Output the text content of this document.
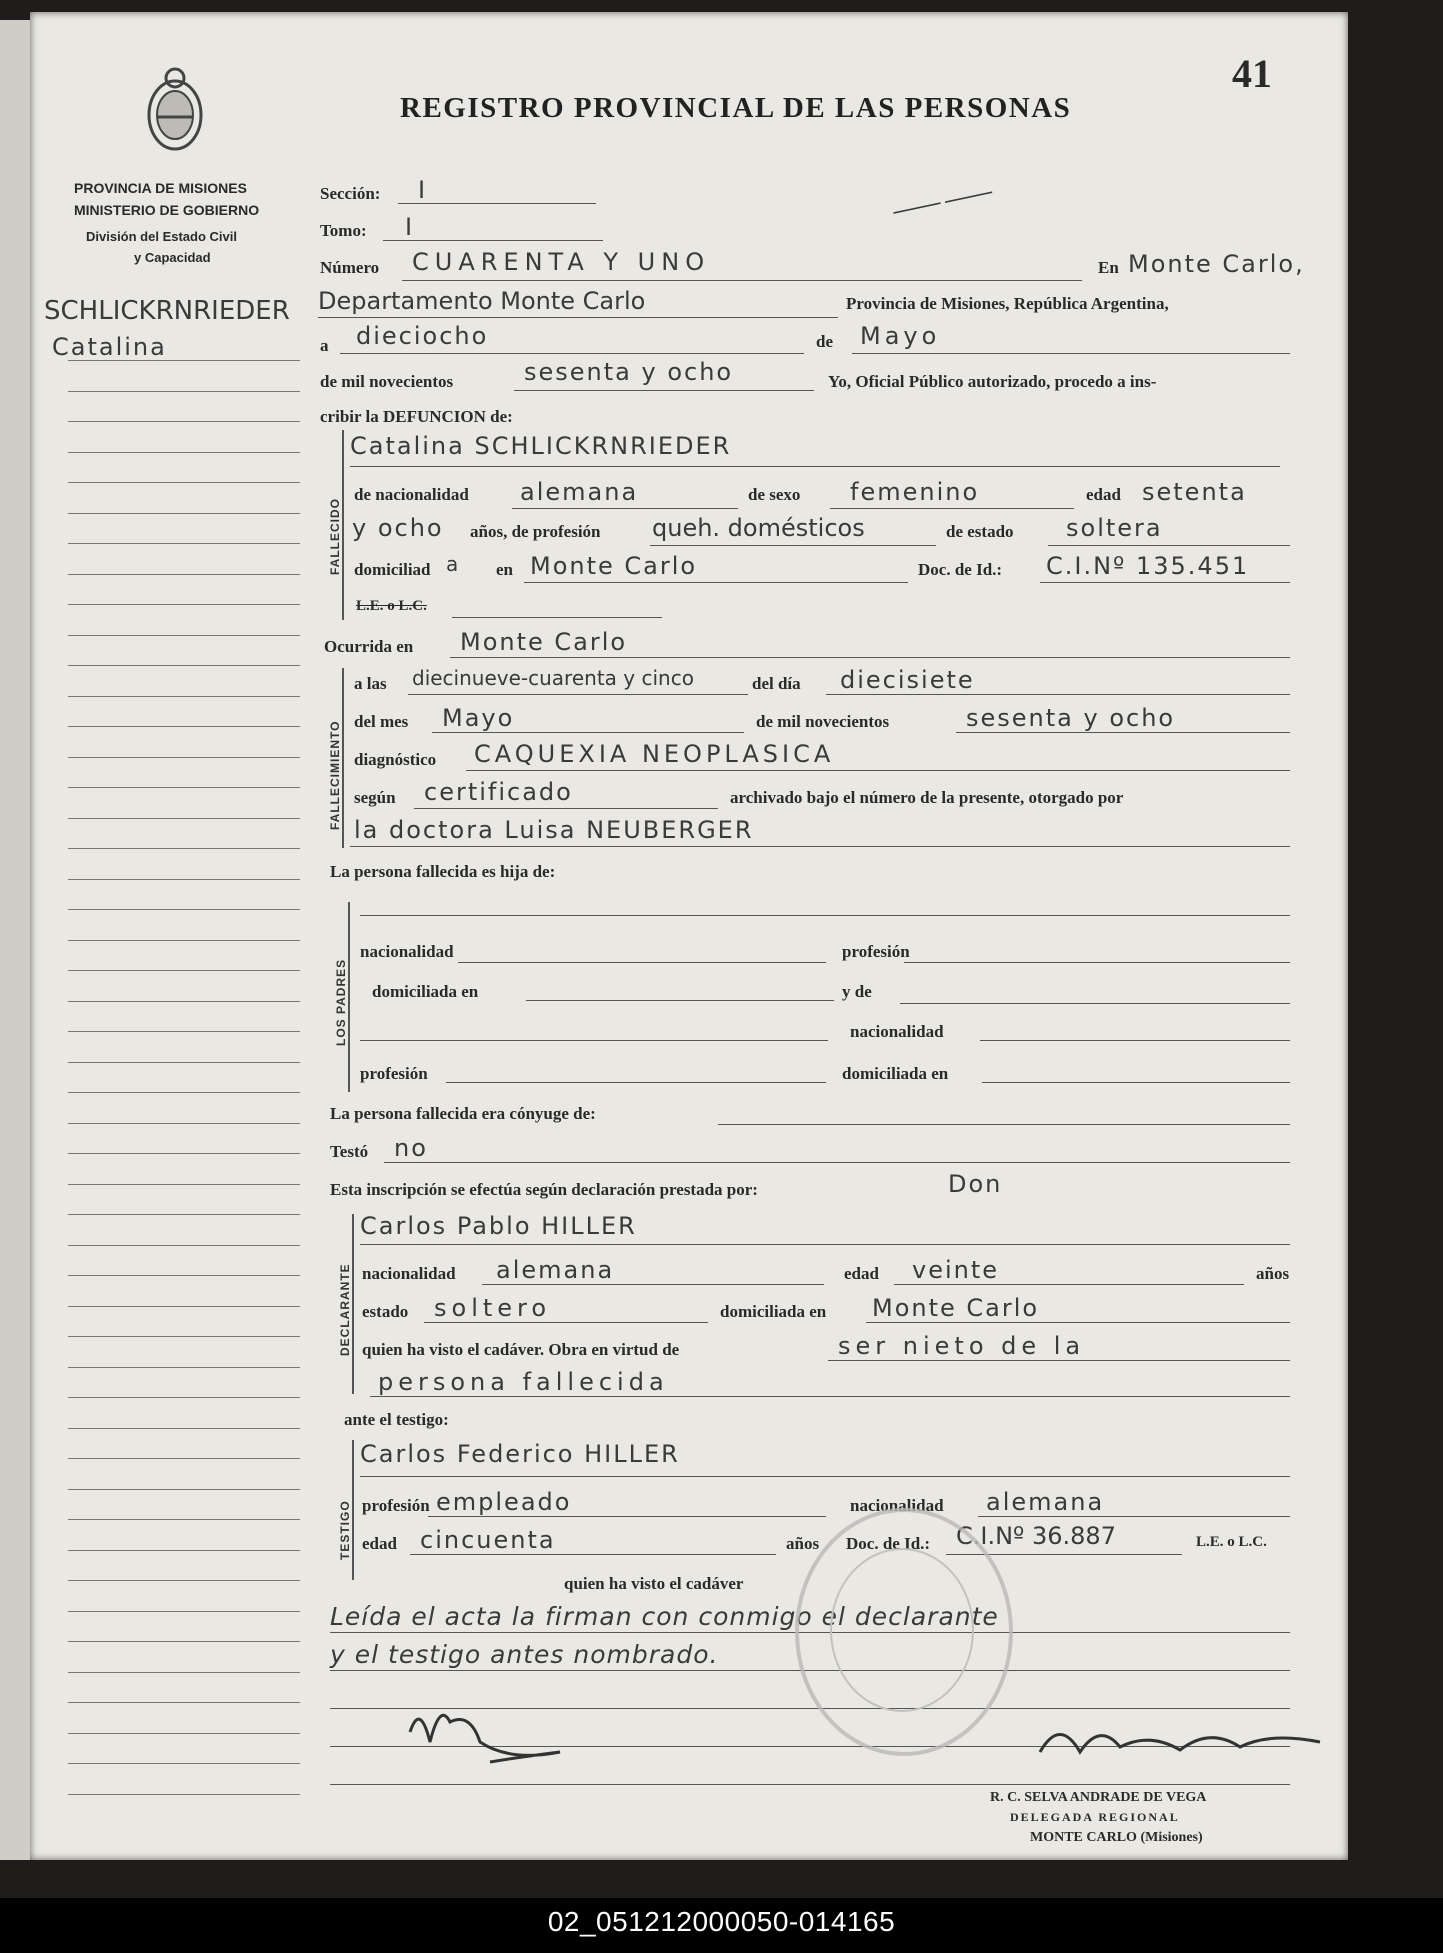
REGISTRO PROVINCIAL DE LAS PERSONAS
41
PROVINCIA DE MISIONES
MINISTERIO DE GOBIERNO
División del Estado Civil
y Capacidad
SCHLICKRNRIEDER
Catalina
Sección: I
Tomo: I	⸺⸺
Número CUARENTA Y UNO	En Monte Carlo,
Departamento Monte Carlo	Provincia de Misiones, República Argentina,
a dieciocho	de Mayo
de mil novecientos	sesenta y ocho	Yo, Oficial Público autorizado, procedo a ins-
cribir la DEFUNCION de:
FALLECIDO
Catalina SCHLICKRNRIEDER
de nacionalidad alemana	de sexo femenino	edad setenta
y ocho años, de profesión queh. domésticos	de estado soltera
domiciliad a en Monte Carlo	Doc. de Id.: C.I.Nº 135.451
L.E. o L.C.
Ocurrida en Monte Carlo
FALLECIMIENTO
a las diecinueve-cuarenta y cinco	del día diecisiete
del mes Mayo	de mil novecientos	sesenta y ocho
diagnóstico CAQUEXIA NEOPLASICA
según certificado	archivado bajo el número de la presente, otorgado por
la doctora Luisa NEUBERGER
La persona fallecida es hija de:
LOS PADRES
nacionalidad	profesión
domiciliada en	y de
nacionalidad
profesión	domiciliada en
La persona fallecida era cónyuge de:
Testó no
Esta inscripción se efectúa según declaración prestada por:	Don
DECLARANTE
Carlos Pablo HILLER
nacionalidad alemana	edad veinte	años
estado soltero	domiciliada en Monte Carlo
quien ha visto el cadáver. Obra en virtud de	ser nieto de la
persona fallecida
ante el testigo:
TESTIGO
Carlos Federico HILLER
profesión empleado	nacionalidad alemana
edad cincuenta	años Doc. de Id.: C.I.Nº 36.887	L.E. o L.C.
quien ha visto el cadáver
Leída el acta la firman con conmigo el declarante
y el testigo antes nombrado.
R. C. SELVA ANDRADE DE VEGA
DELEGADA REGIONAL
MONTE CARLO (Misiones)
02_051212000050-014165
